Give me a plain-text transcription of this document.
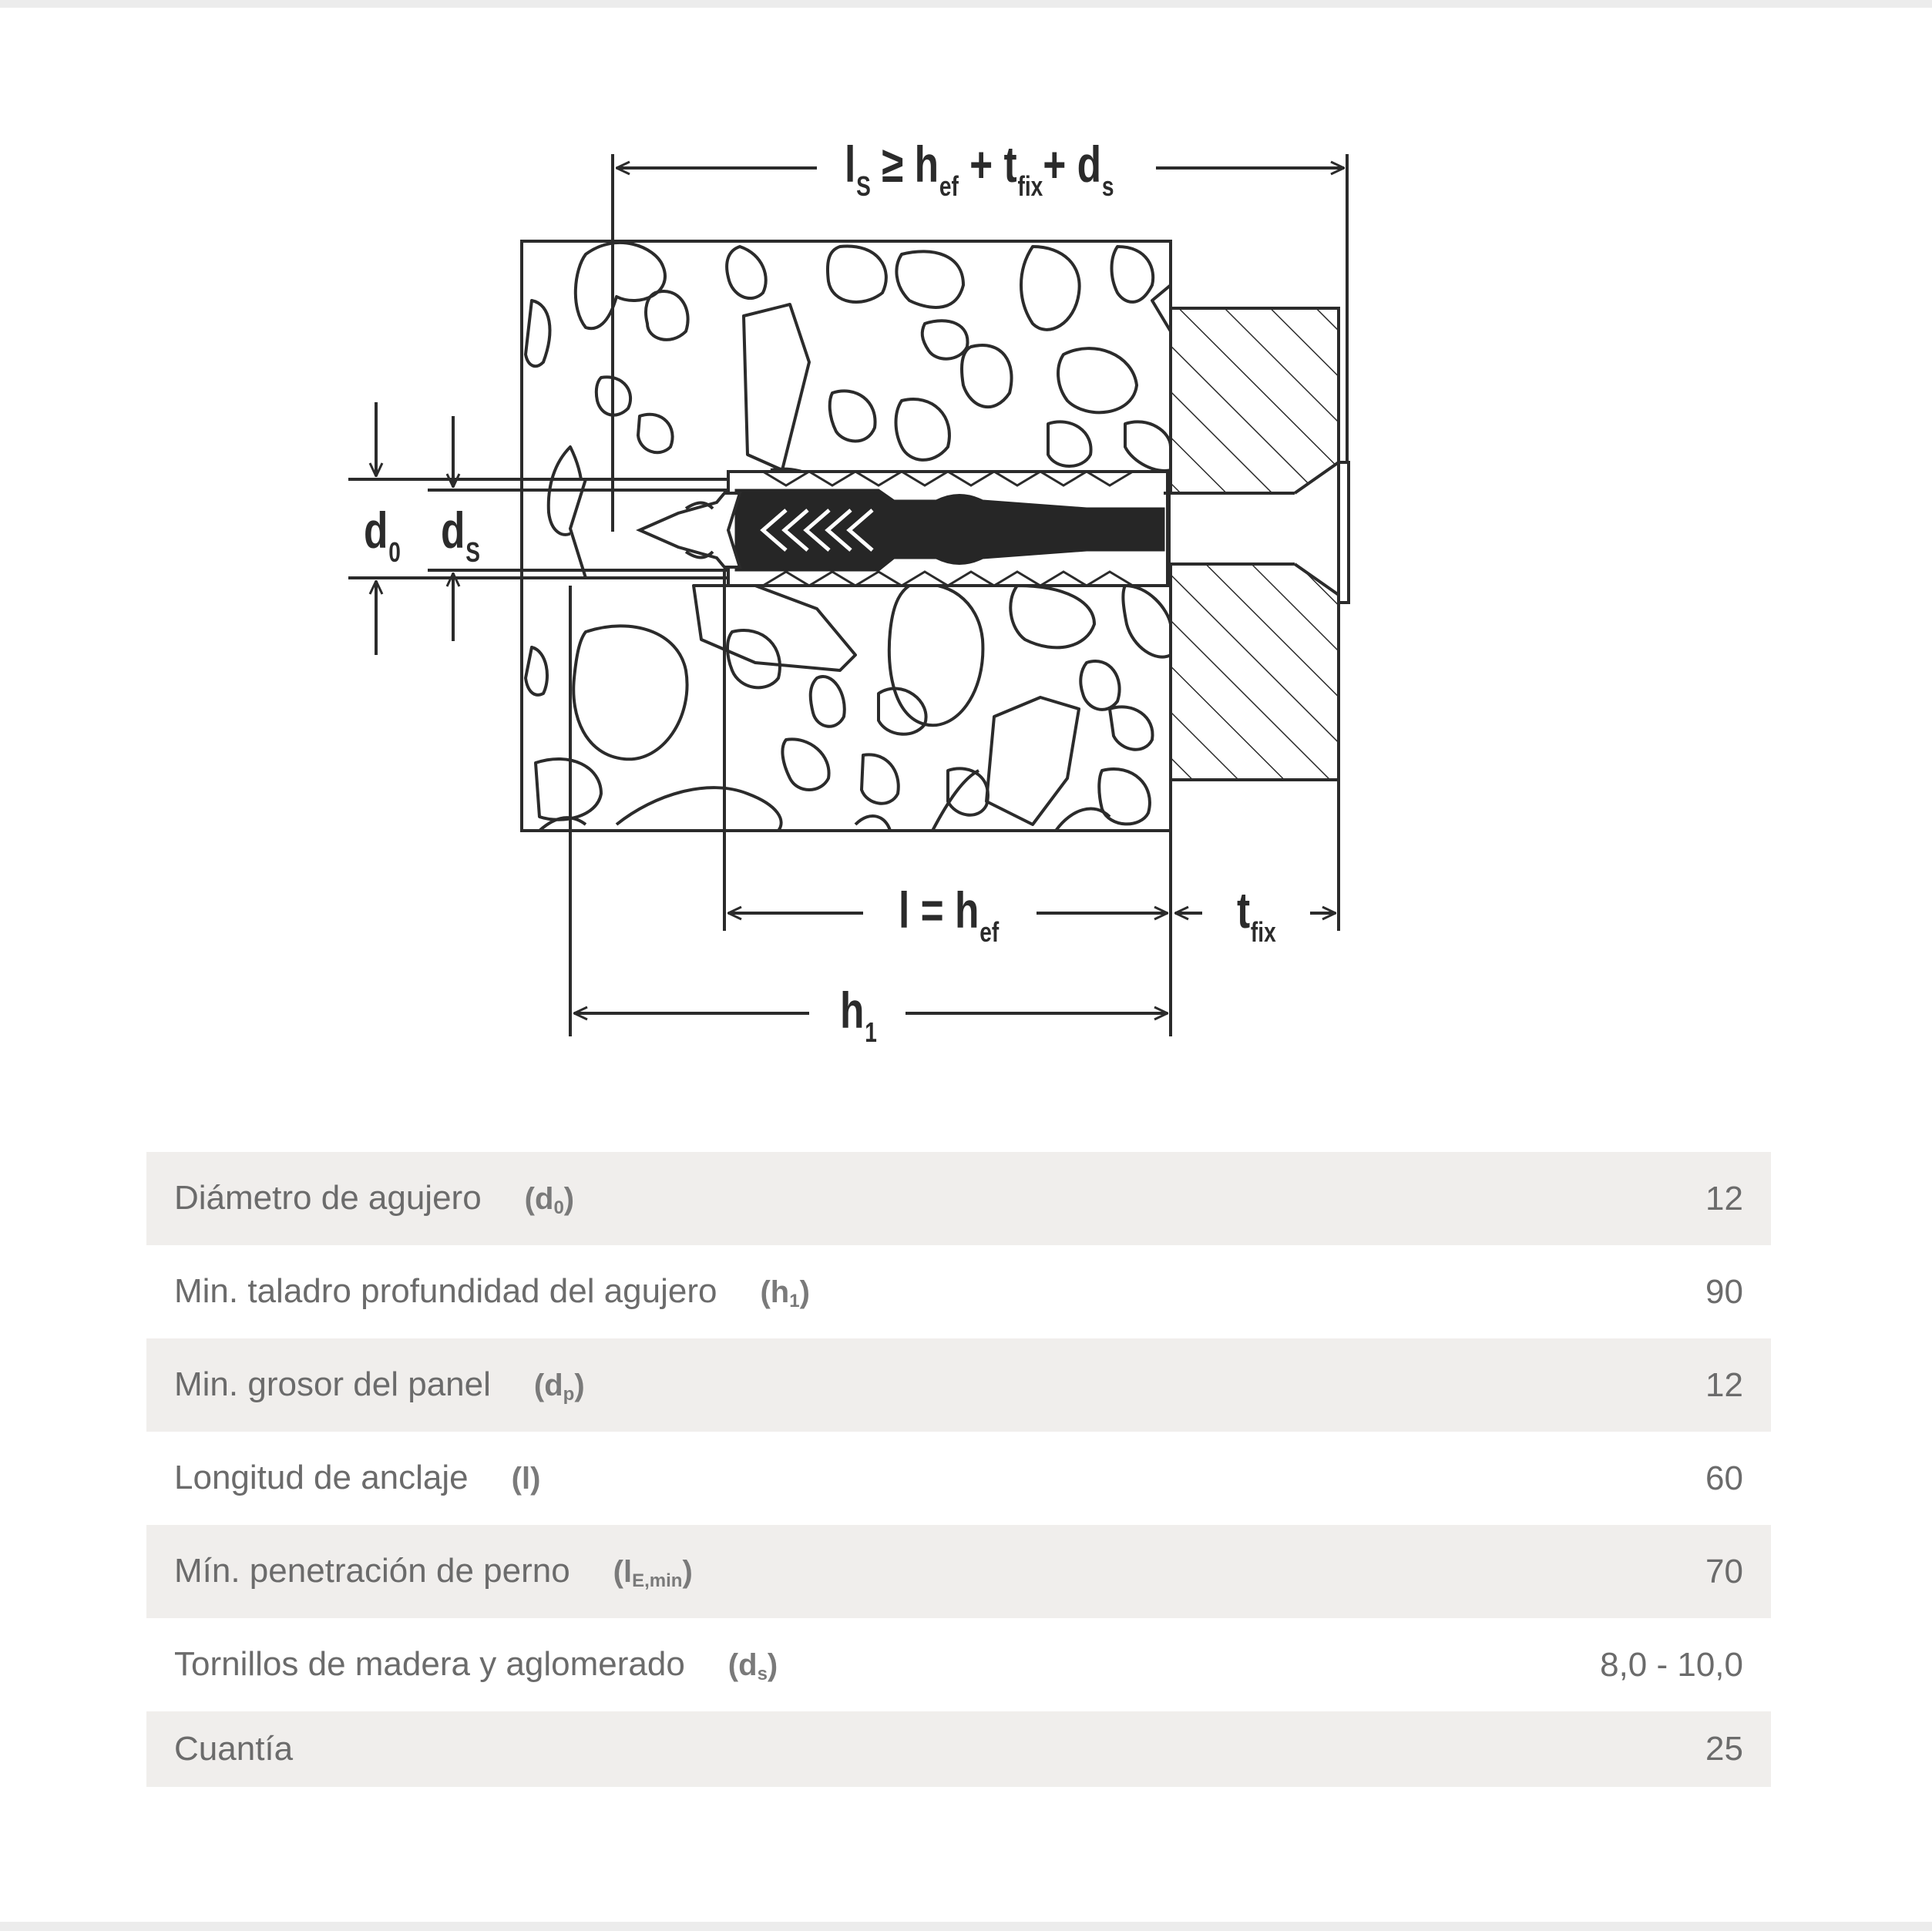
lS ≥ hef + tfix+ ds
d0 dS
l = hef	tfix
h1
Diámetro de agujero (d0)	12
Min. taladro profundidad del agujero (h1)	90
Min. grosor del panel (dp)	12
Longitud de anclaje (l)	60
Mín. penetración de perno (lE,min)	70
Tornillos de madera y aglomerado (ds)	8,0 - 10,0
Cuantía	25
